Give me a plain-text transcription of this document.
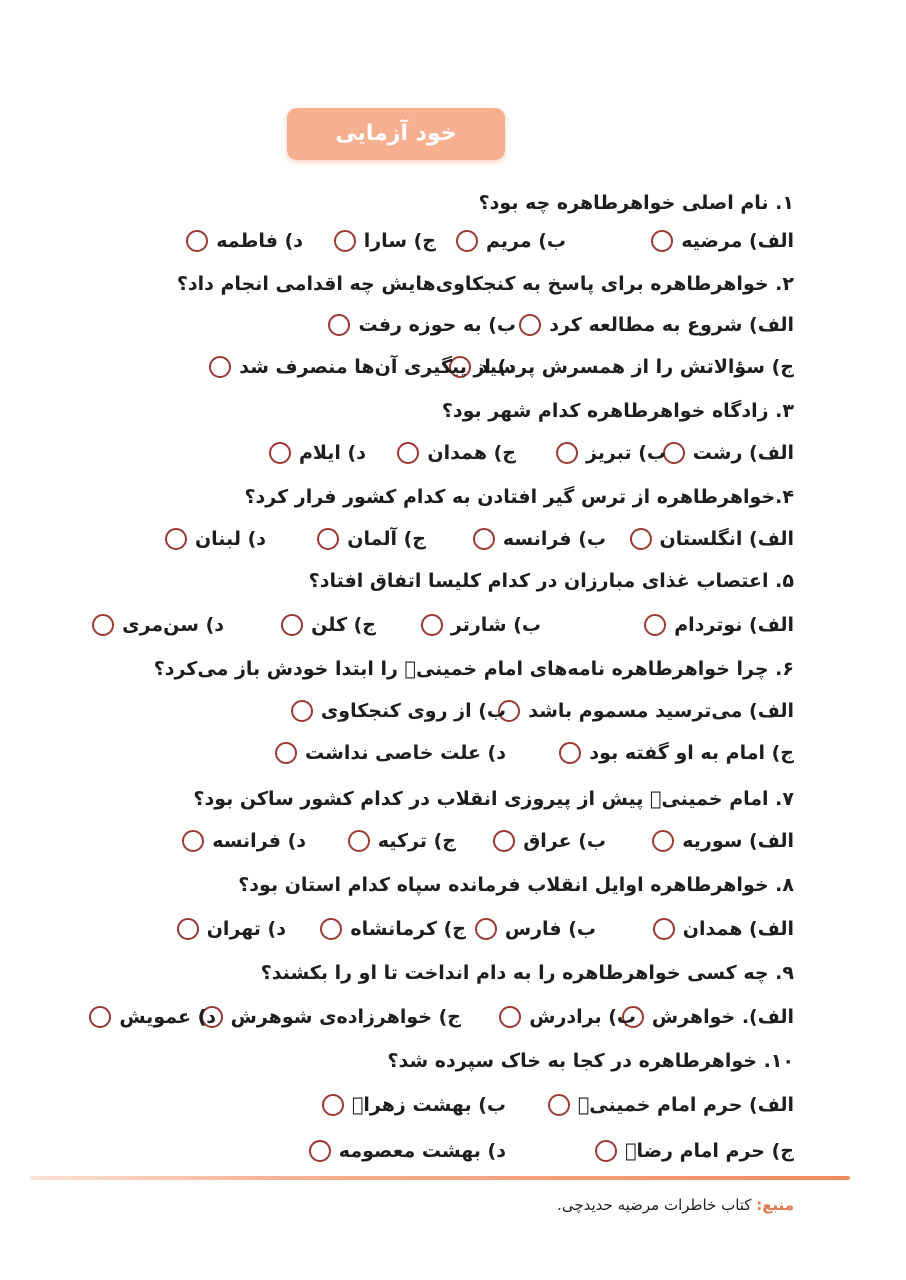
خود آزمایی
۱. نام اصلی خواهرطاهره چه بود؟
الف) مرضیه
ب) مریم
ج) سارا
د) فاطمه
۲. خواهرطاهره برای پاسخ به کنجکاوی‌هایش چه اقدامی انجام داد؟
الف) شروع به مطالعه کرد
ب) به حوزه رفت
ج) سؤالاتش را از همسرش پرسید
د) از پیگیری آن‌ها منصرف شد
۳. زادگاه خواهرطاهره کدام شهر بود؟
الف) رشت
ب) تبریز
ج) همدان
د) ایلام
۴.خواهرطاهره از ترس گیر افتادن به کدام کشور فرار کرد؟
الف) انگلستان
ب) فرانسه
ج) آلمان
د) لبنان
۵. اعتصاب غذای مبارزان در کدام کلیسا اتفاق افتاد؟
الف) نوتردام
ب) شارتر
ج) کلن
د) سن‌مری
۶. چرا خواهرطاهره نامه‌های امام خمینیؒ را ابتدا خودش باز می‌کرد؟
الف) می‌ترسید مسموم باشد
ب) از روی کنجکاوی
ج) امام به او گفته بود
د) علت خاصی نداشت
۷. امام خمینیؒ پیش از پیروزی انقلاب در کدام کشور ساکن بود؟
الف) سوریه
ب) عراق
ج) ترکیه
د) فرانسه
۸. خواهرطاهره اوایل انقلاب فرمانده سپاه کدام استان بود؟
الف) همدان
ب) فارس
ج) کرمانشاه
د) تهران
۹. چه کسی خواهرطاهره را به دام انداخت تا او را بکشند؟
الف). خواهرش
ب) برادرش
ج) خواهرزاده‌ی شوهرش
د) عمویش
۱۰. خواهرطاهره در کجا به خاک سپرده شد؟
الف) حرم امام خمینیؒ
ب) بهشت زهراؑ
ج) حرم امام رضاؑ
د) بهشت معصومه
منبع: کتاب خاطرات مرضیه حدیدچی.
